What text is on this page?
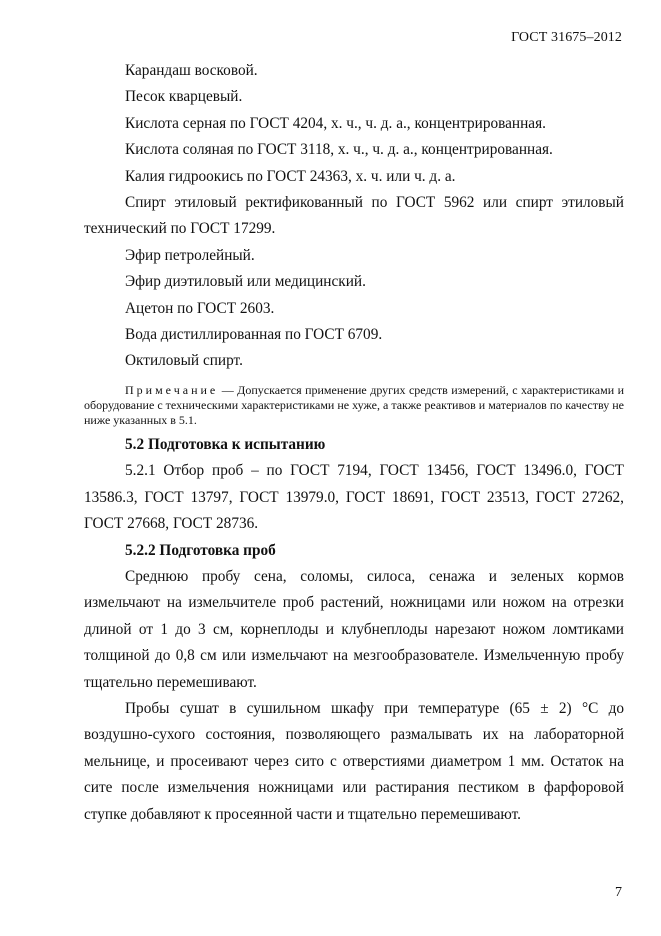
ГОСТ 31675–2012

Карандаш восковой.

Песок кварцевый.

Кислота серная по ГОСТ 4204, х. ч., ч. д. а., концентрированная.

Кислота соляная по ГОСТ 3118, х. ч., ч. д. а., концентрированная.

Калия гидроокись по ГОСТ 24363, х. ч. или ч. д. а.

Спирт этиловый ректификованный по ГОСТ 5962 или спирт этиловый технический по ГОСТ 17299.

Эфир петролейный.

Эфир диэтиловый или медицинский.

Ацетон по ГОСТ 2603.

Вода дистиллированная по ГОСТ 6709.

Октиловый спирт.

Примечание — Допускается применение других средств измерений, с характеристиками и оборудование с техническими характеристиками не хуже, а также реактивов и материалов по качеству не ниже указанных в 5.1.

5.2 Подготовка к испытанию

5.2.1 Отбор проб – по ГОСТ 7194, ГОСТ 13456, ГОСТ 13496.0, ГОСТ 13586.3, ГОСТ 13797, ГОСТ 13979.0, ГОСТ 18691, ГОСТ 23513, ГОСТ 27262, ГОСТ 27668, ГОСТ 28736.

5.2.2 Подготовка проб

Среднюю пробу сена, соломы, силоса, сенажа и зеленых кормов измельчают на измельчителе проб растений, ножницами или ножом на отрезки длиной от 1 до 3 см, корнеплоды и клубнеплоды нарезают ножом ломтиками толщиной до 0,8 см или измельчают на мезгообразователе. Измельченную пробу тщательно перемешивают.

Пробы сушат в сушильном шкафу при температуре (65 ± 2) °С до воздушно-сухого состояния, позволяющего размалывать их на лабораторной мельнице, и просеивают через сито с отверстиями диаметром 1 мм. Остаток на сите после измельчения ножницами или растирания пестиком в фарфоровой ступке добавляют к просеянной части и тщательно перемешивают.

7
